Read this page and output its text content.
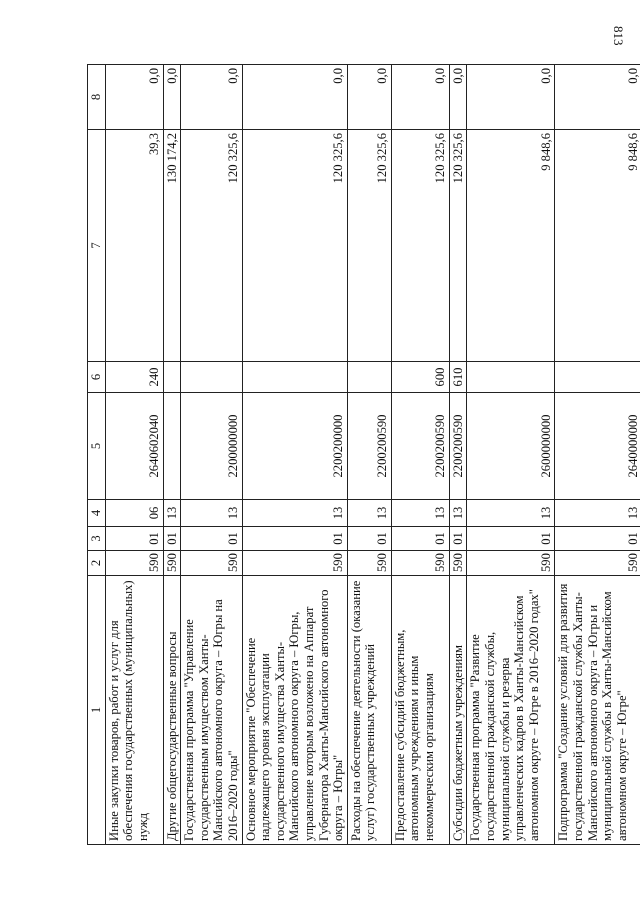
813
1	2	3	4	5	6	7	8
Иные закупки товаров, работ и услуг для обеспечения государственных (муниципальных) нужд	590	01	06	2640602040	240	39,3	0,0
Другие общегосударственные вопросы	590	01	13			130 174,2	0,0
Государственная программа "Управление государственным имуществом Ханты-Мансийского автономного округа – Югры на 2016–2020 годы"	590	01	13	2200000000		120 325,6	0,0
Основное мероприятие "Обеспечение надлежащего уровня эксплуатации государственного имущества Ханты-Мансийского автономного округа – Югры, управление которым возложено на Аппарат Губернатора Ханты-Мансийского автономного округа – Югры"	590	01	13	2200200000		120 325,6	0,0
Расходы на обеспечение деятельности (оказание услуг) государственных учреждений	590	01	13	2200200590		120 325,6	0,0
Предоставление субсидий бюджетным, автономным учреждениям и иным некоммерческим организациям	590	01	13	2200200590	600	120 325,6	0,0
Субсидии бюджетным учреждениям	590	01	13	2200200590	610	120 325,6	0,0
Государственная программа "Развитие государственной гражданской службы, муниципальной службы и резерва управленческих кадров в Ханты-Мансийском автономном округе – Югре в 2016–2020 годах"	590	01	13	2600000000		9 848,6	0,0
Подпрограмма "Создание условий для развития государственной гражданской службы Ханты-Мансийского автономного округа – Югры и муниципальной службы в Ханты-Мансийском автономном округе – Югре"	590	01	13	2640000000		9 848,6	0,0
